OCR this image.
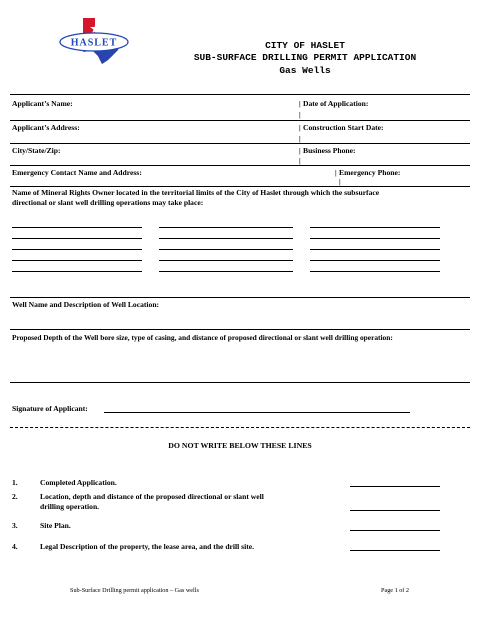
HASLET	CITY OF HASLET
SUB-SURFACE DRILLING PERMIT APPLICATION
Gas Wells
Applicant’s Name:	| Date of Application:
|
Applicant’s Address:	| Construction Start Date:
|
City/State/Zip:	| Business Phone:
|
Emergency Contact Name and Address:	| Emergency Phone:
|
Name of Mineral Rights Owner located in the territorial limits of the City of Haslet through which the subsurface
directional or slant well drilling operations may take place:
Well Name and Description of Well Location:
Proposed Depth of the Well bore size, type of casing, and distance of proposed directional or slant well drilling operation:
Signature of Applicant:
DO NOT WRITE BELOW THESE LINES
1.	Completed Application.
2.	Location, depth and distance of the proposed directional or slant well
drilling operation.
3.	Site Plan.
4.	Legal Description of the property, the lease area, and the drill site.
Sub-Surface Drilling permit application – Gas wells	Page 1 of 2
